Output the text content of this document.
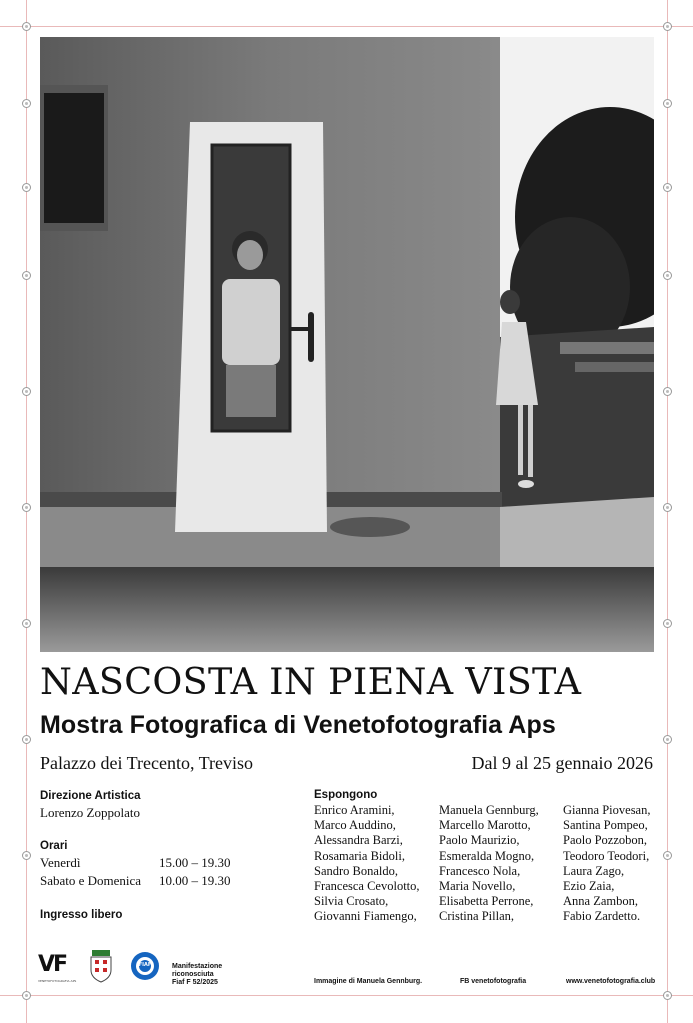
NASCOSTA IN PIENA VISTA
Mostra Fotografica di Venetofotografia Aps
Palazzo dei Trecento, Treviso	Dal 9 al 25 gennaio 2026
Direzione Artistica
Lorenzo Zoppolato
Orari
Venerdì	15.00 – 19.30
Sabato e Domenica 10.00 – 19.30
Ingresso libero
Espongono
Enrico Aramini,
Marco Auddino,
Alessandra Barzi,
Rosamaria Bidoli,
Sandro Bonaldo,
Francesca Cevolotto,
Silvia Crosato,
Giovanni Fiamengo,
Manuela Gennburg,
Marcello Marotto,
Paolo Maurizio,
Esmeralda Mogno,
Francesco Nola,
Maria Novello,
Elisabetta Perrone,
Cristina Pillan,
Gianna Piovesan,
Santina Pompeo,
Paolo Pozzobon,
Teodoro Teodori,
Laura Zago,
Ezio Zaia,
Anna Zambon,
Fabio Zardetto.
VF
VENETOFOTOGRAFIA APS
FIAF	Manifestazione
riconosciuta
Fiaf F 52/2025	Immagine di Manuela Gennburg.	FB venetofotografia	www.venetofotografia.club
